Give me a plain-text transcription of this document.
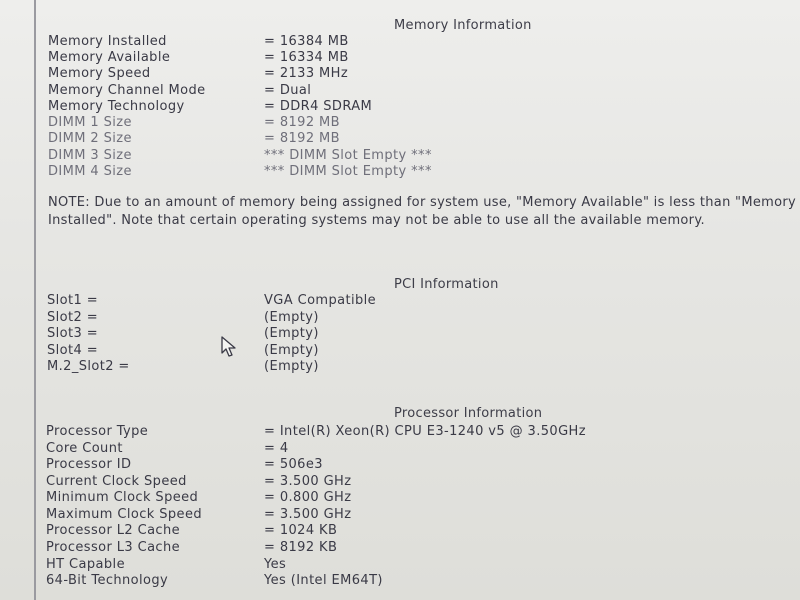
Memory Information
Memory Installed	= 16384 MB
Memory Available	= 16334 MB
Memory Speed	= 2133 MHz
Memory Channel Mode	= Dual
Memory Technology	= DDR4 SDRAM
DIMM 1 Size	= 8192 MB
DIMM 2 Size	= 8192 MB
DIMM 3 Size	*** DIMM Slot Empty ***
DIMM 4 Size	*** DIMM Slot Empty ***
NOTE: Due to an amount of memory being assigned for system use, "Memory Available" is less than "Memory Installed". Note that certain operating systems may not be able to use all the available memory.
PCI Information
Slot1 =	VGA Compatible
Slot2 =	(Empty)
Slot3 =	(Empty)
Slot4 =	(Empty)
M.2_Slot2 =	(Empty)
Processor Information
Processor Type	= Intel(R) Xeon(R) CPU E3-1240 v5 @ 3.50GHz
Core Count	= 4
Processor ID	= 506e3
Current Clock Speed	= 3.500 GHz
Minimum Clock Speed	= 0.800 GHz
Maximum Clock Speed	= 3.500 GHz
Processor L2 Cache	= 1024 KB
Processor L3 Cache	= 8192 KB
HT Capable	Yes
64-Bit Technology	Yes (Intel EM64T)
